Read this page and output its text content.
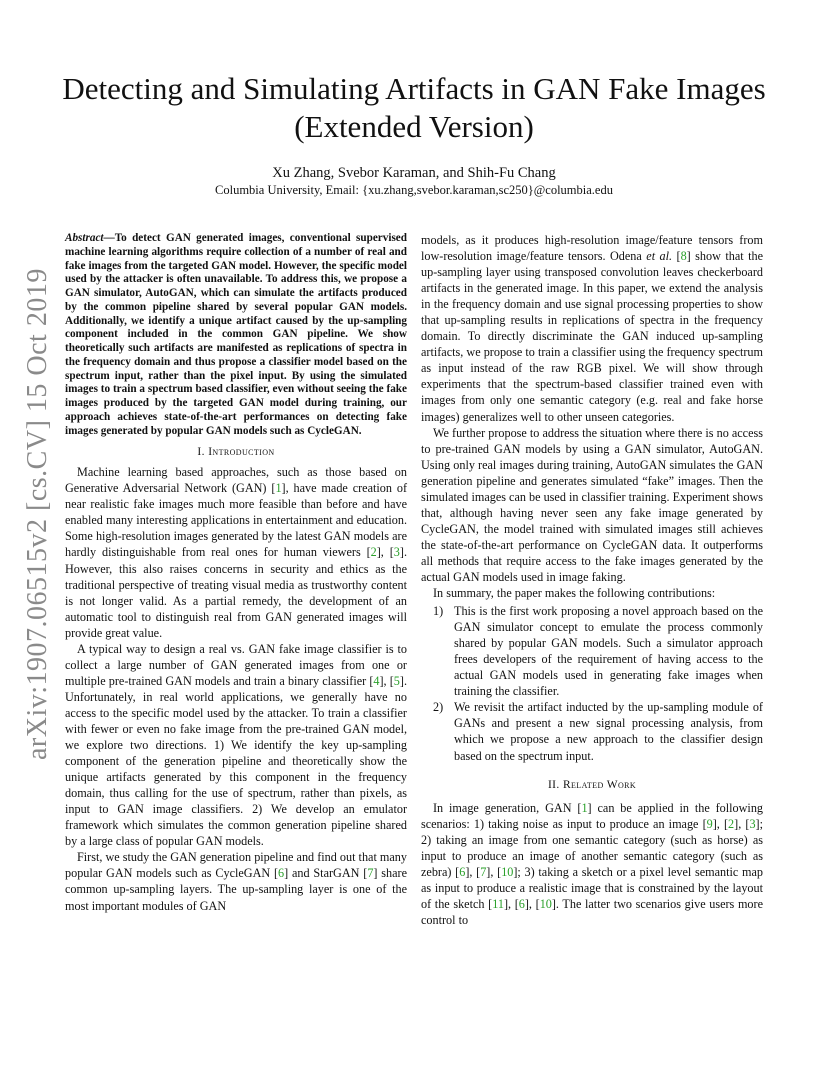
arXiv:1907.06515v2 [cs.CV] 15 Oct 2019
Detecting and Simulating Artifacts in GAN Fake Images (Extended Version)
Xu Zhang, Svebor Karaman, and Shih-Fu Chang
Columbia University, Email: {xu.zhang,svebor.karaman,sc250}@columbia.edu
Abstract—To detect GAN generated images, conventional supervised machine learning algorithms require collection of a number of real and fake images from the targeted GAN model. However, the specific model used by the attacker is often unavailable. To address this, we propose a GAN simulator, AutoGAN, which can simulate the artifacts produced by the common pipeline shared by several popular GAN models. Additionally, we identify a unique artifact caused by the up-sampling component included in the common GAN pipeline. We show theoretically such artifacts are manifested as replications of spectra in the frequency domain and thus propose a classifier model based on the spectrum input, rather than the pixel input. By using the simulated images to train a spectrum based classifier, even without seeing the fake images produced by the targeted GAN model during training, our approach achieves state-of-the-art performances on detecting fake images generated by popular GAN models such as CycleGAN.
I. Introduction

Machine learning based approaches, such as those based on Generative Adversarial Network (GAN) [1], have made creation of near realistic fake images much more feasible than before and have enabled many interesting applications in entertainment and education. Some high-resolution images generated by the latest GAN models are hardly distinguishable from real ones for human viewers [2], [3]. However, this also raises concerns in security and ethics as the traditional perspective of treating visual media as trustworthy content is not longer valid. As a partial remedy, the development of an automatic tool to distinguish real from GAN generated images will provide great value.

A typical way to design a real vs. GAN fake image classifier is to collect a large number of GAN generated images from one or multiple pre-trained GAN models and train a binary classifier [4], [5]. Unfortunately, in real world applications, we generally have no access to the specific model used by the attacker. To train a classifier with fewer or even no fake image from the pre-trained GAN model, we explore two directions. 1) We identify the key up-sampling component of the generation pipeline and theoretically show the unique artifacts generated by this component in the frequency domain, thus calling for the use of spectrum, rather than pixels, as input to GAN image classifiers. 2) We develop an emulator framework which simulates the common generation pipeline shared by a large class of popular GAN models.

First, we study the GAN generation pipeline and find out that many popular GAN models such as CycleGAN [6] and StarGAN [7] share common up-sampling layers. The up-sampling layer is one of the most important modules of GAN

models, as it produces high-resolution image/feature tensors from low-resolution image/feature tensors. Odena et al. [8] show that the up-sampling layer using transposed convolution leaves checkerboard artifacts in the generated image. In this paper, we extend the analysis in the frequency domain and use signal processing properties to show that up-sampling results in replications of spectra in the frequency domain. To directly discriminate the GAN induced up-sampling artifacts, we propose to train a classifier using the frequency spectrum as input instead of the raw RGB pixel. We will show through experiments that the spectrum-based classifier trained even with images from only one semantic category (e.g. real and fake horse images) generalizes well to other unseen categories.

We further propose to address the situation where there is no access to pre-trained GAN models by using a GAN simulator, AutoGAN. Using only real images during training, AutoGAN simulates the GAN generation pipeline and generates simulated “fake” images. Then the simulated images can be used in classifier training. Experiment shows that, although having never seen any fake image generated by CycleGAN, the model trained with simulated images still achieves the state-of-the-art performance on CycleGAN data. It outperforms all methods that require access to the fake images generated by the actual GAN models used in image faking.

In summary, the paper makes the following contributions:

1) This is the first work proposing a novel approach based on the GAN simulator concept to emulate the process commonly shared by popular GAN models. Such a simulator approach frees developers of the requirement of having access to the actual GAN models used in generating fake images when training the classifier.
2) We revisit the artifact inducted by the up-sampling module of GANs and present a new signal processing analysis, from which we propose a new approach to the classifier design based on the spectrum input.
II. Related Work

In image generation, GAN [1] can be applied in the following scenarios: 1) taking noise as input to produce an image [9], [2], [3]; 2) taking an image from one semantic category (such as horse) as input to produce an image of another semantic category (such as zebra) [6], [7], [10]; 3) taking a sketch or a pixel level semantic map as input to produce a realistic image that is constrained by the layout of the sketch [11], [6], [10]. The latter two scenarios give users more control to
